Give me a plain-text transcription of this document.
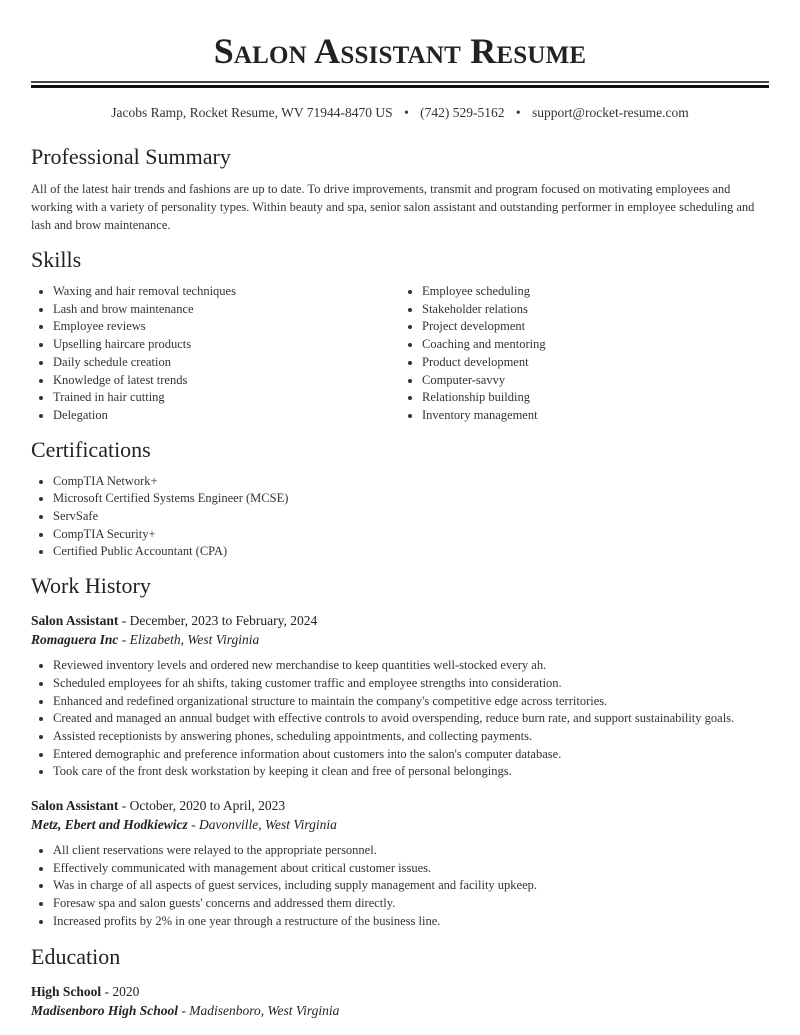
Salon Assistant Resume
Jacobs Ramp, Rocket Resume, WV 71944-8470 US • (742) 529-5162 • support@rocket-resume.com
Professional Summary

All of the latest hair trends and fashions are up to date. To drive improvements, transmit and program focused on motivating employees and working with a variety of personality types. Within beauty and spa, senior salon assistant and outstanding performer in employee scheduling and lash and brow maintenance.

Skills
• Waxing and hair removal techniques
• Lash and brow maintenance
• Employee reviews
• Upselling haircare products
• Daily schedule creation
• Knowledge of latest trends
• Trained in hair cutting
• Delegation
• Employee scheduling
• Stakeholder relations
• Project development
• Coaching and mentoring
• Product development
• Computer-savvy
• Relationship building
• Inventory management
Certifications
• CompTIA Network+
• Microsoft Certified Systems Engineer (MCSE)
• ServSafe
• CompTIA Security+
• Certified Public Accountant (CPA)
Work History
Salon Assistant - December, 2023 to February, 2024
Romaguera Inc - Elizabeth, West Virginia
• Reviewed inventory levels and ordered new merchandise to keep quantities well-stocked every ah.
• Scheduled employees for ah shifts, taking customer traffic and employee strengths into consideration.
• Enhanced and redefined organizational structure to maintain the company's competitive edge across territories.
• Created and managed an annual budget with effective controls to avoid overspending, reduce burn rate, and support sustainability goals.
• Assisted receptionists by answering phones, scheduling appointments, and collecting payments.
• Entered demographic and preference information about customers into the salon's computer database.
• Took care of the front desk workstation by keeping it clean and free of personal belongings.
Salon Assistant - October, 2020 to April, 2023
Metz, Ebert and Hodkiewicz - Davonville, West Virginia
• All client reservations were relayed to the appropriate personnel.
• Effectively communicated with management about critical customer issues.
• Was in charge of all aspects of guest services, including supply management and facility upkeep.
• Foresaw spa and salon guests' concerns and addressed them directly.
• Increased profits by 2% in one year through a restructure of the business line.
Education
High School - 2020
Madisenboro High School - Madisenboro, West Virginia
